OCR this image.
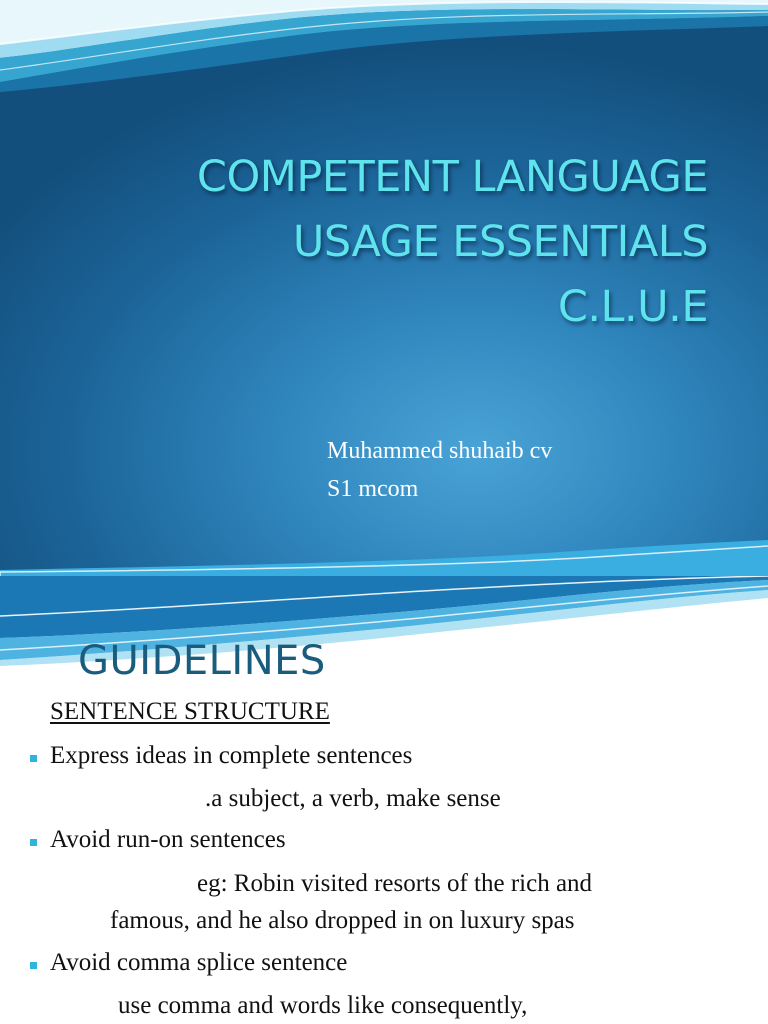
COMPETENT LANGUAGE
USAGE ESSENTIALS
C.L.U.E
Muhammed shuhaib cv
S1 mcom
GUIDELINES
SENTENCE STRUCTURE
Express ideas in complete sentences
.a subject, a verb, make sense
Avoid run-on sentences
eg: Robin visited resorts of the rich and
famous, and he also dropped in on luxury spas
Avoid comma splice sentence
use comma and words like consequently,
